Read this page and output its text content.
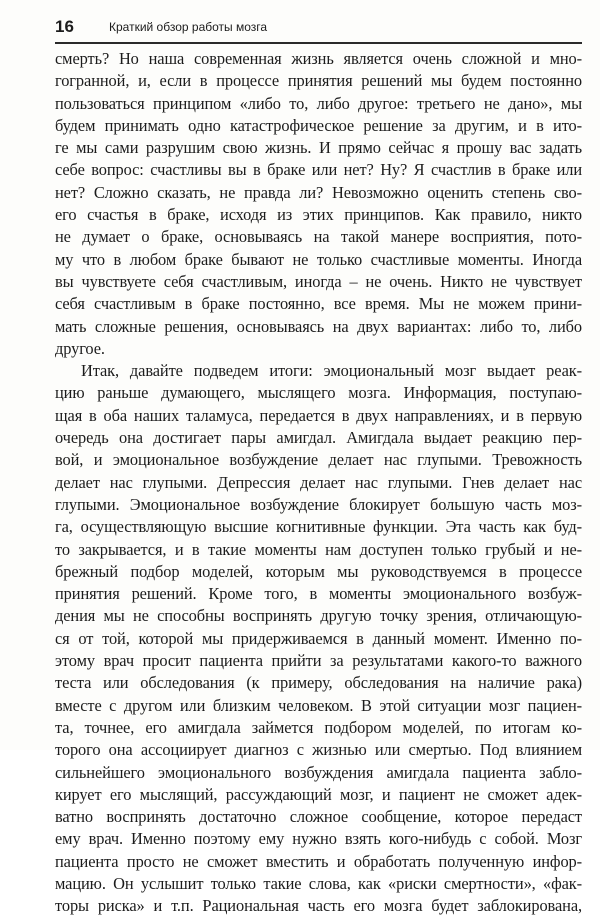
16	Краткий обзор работы мозга
смерть? Но наша современная жизнь является очень сложной и мно-
гогранной, и, если в процессе принятия решений мы будем постоянно
пользоваться принципом «либо то, либо другое: третьего не дано», мы
будем принимать одно катастрофическое решение за другим, и в ито-
ге мы сами разрушим свою жизнь. И прямо сейчас я прошу вас задать
себе вопрос: счастливы вы в браке или нет? Ну? Я счастлив в браке или
нет? Сложно сказать, не правда ли? Невозможно оценить степень сво-
его счастья в браке, исходя из этих принципов. Как правило, никто
не думает о браке, основываясь на такой манере восприятия, пото-
му что в любом браке бывают не только счастливые моменты. Иногда
вы чувствуете себя счастливым, иногда – не очень. Никто не чувствует
себя счастливым в браке постоянно, все время. Мы не можем прини-
мать сложные решения, основываясь на двух вариантах: либо то, либо
другое.
Итак, давайте подведем итоги: эмоциональный мозг выдает реак-
цию раньше думающего, мыслящего мозга. Информация, поступаю-
щая в оба наших таламуса, передается в двух направлениях, и в первую
очередь она достигает пары амигдал. Амигдала выдает реакцию пер-
вой, и эмоциональное возбуждение делает нас глупыми. Тревожность
делает нас глупыми. Депрессия делает нас глупыми. Гнев делает нас
глупыми. Эмоциональное возбуждение блокирует большую часть моз-
га, осуществляющую высшие когнитивные функции. Эта часть как буд-
то закрывается, и в такие моменты нам доступен только грубый и не-
брежный подбор моделей, которым мы руководствуемся в процессе
принятия решений. Кроме того, в моменты эмоционального возбуж-
дения мы не способны воспринять другую точку зрения, отличающую-
ся от той, которой мы придерживаемся в данный момент. Именно по-
этому врач просит пациента прийти за результатами какого-то важного
теста или обследования (к примеру, обследования на наличие рака)
вместе с другом или близким человеком. В этой ситуации мозг пациен-
та, точнее, его амигдала займется подбором моделей, по итогам ко-
торого она ассоциирует диагноз с жизнью или смертью. Под влиянием
сильнейшего эмоционального возбуждения амигдала пациента забло-
кирует его мыслящий, рассуждающий мозг, и пациент не сможет адек-
ватно воспринять достаточно сложное сообщение, которое передаст
ему врач. Именно поэтому ему нужно взять кого-нибудь с собой. Мозг
пациента просто не сможет вместить и обработать полученную инфор-
мацию. Он услышит только такие слова, как «риски смертности», «фак-
торы риска» и т.п. Рациональная часть его мозга будет заблокирована,
